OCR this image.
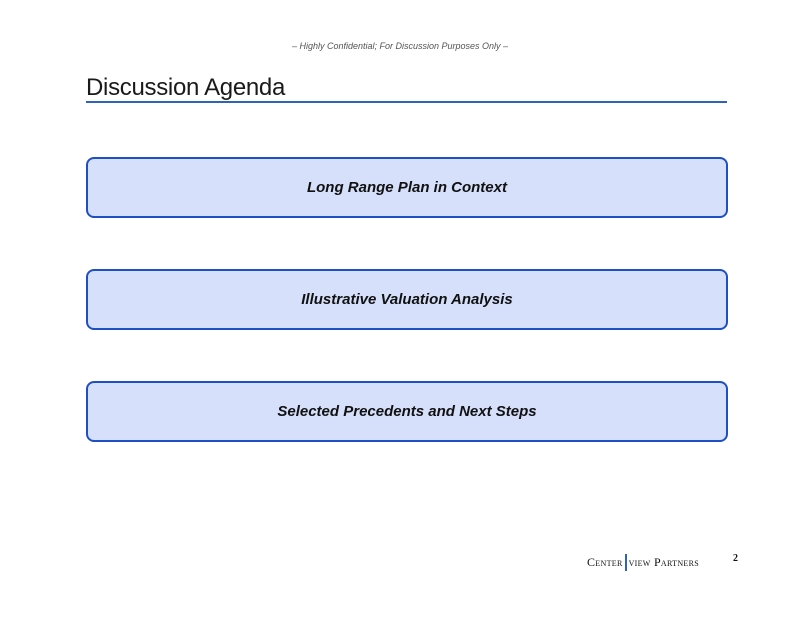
– Highly Confidential; For Discussion Purposes Only –
Discussion Agenda
Long Range Plan in Context
Illustrative Valuation Analysis
Selected Precedents and Next Steps
Center view Partners	2
